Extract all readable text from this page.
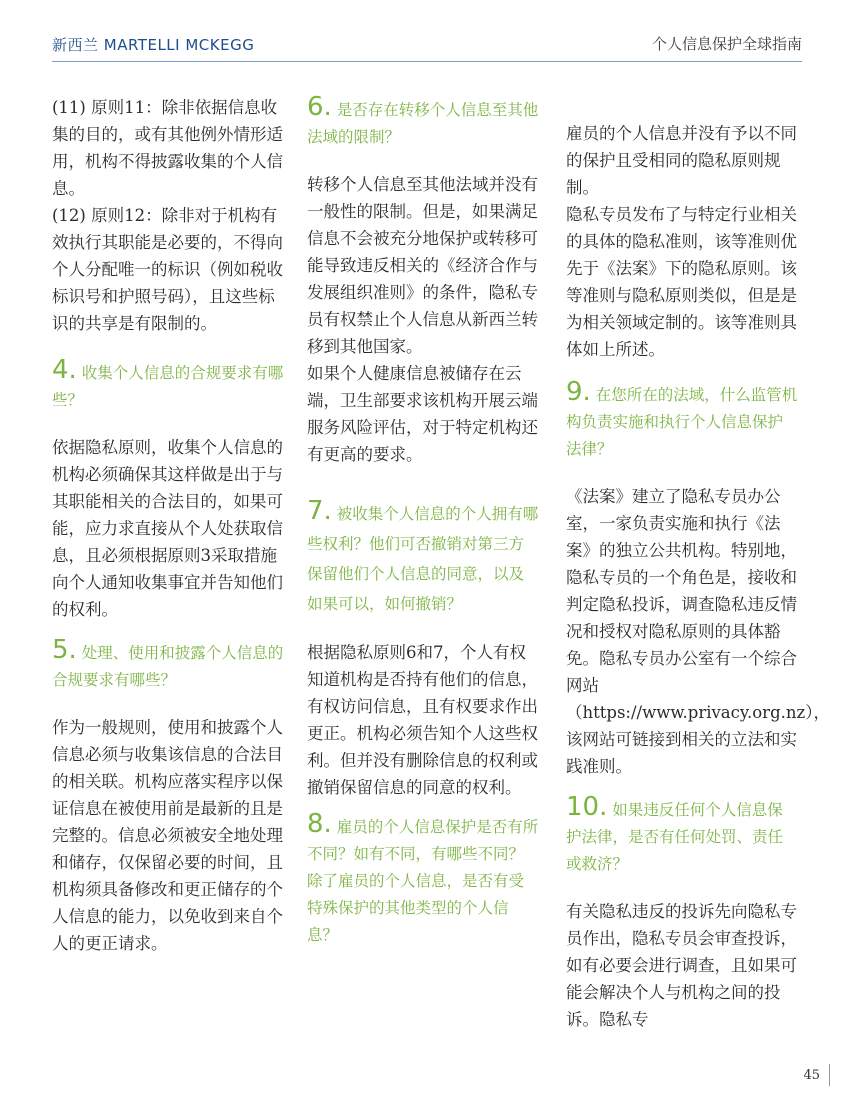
新西兰 MARTELLI MCKEGG	个人信息保护全球指南

(11) 原则11：除非依据信息收集的目的，或有其他例外情形适用，机构不得披露收集的个人信息。

(12) 原则12：除非对于机构有效执行其职能是必要的，不得向个人分配唯一的标识（例如税收标识号和护照号码），且这些标识的共享是有限制的。

4. 收集个人信息的合规要求有哪些？

依据隐私原则，收集个人信息的机构必须确保其这样做是出于与其职能相关的合法目的，如果可能，应力求直接从个人处获取信息，且必须根据原则3采取措施向个人通知收集事宜并告知他们的权利。

5. 处理、使用和披露个人信息的合规要求有哪些？

作为一般规则，使用和披露个人信息必须与收集该信息的合法目的相关联。机构应落实程序以保证信息在被使用前是最新的且是完整的。信息必须被安全地处理和储存，仅保留必要的时间，且机构须具备修改和更正储存的个人信息的能力，以免收到来自个人的更正请求。

6. 是否存在转移个人信息至其他法域的限制？

转移个人信息至其他法域并没有一般性的限制。但是，如果满足信息不会被充分地保护或转移可能导致违反相关的《经济合作与发展组织准则》的条件，隐私专员有权禁止个人信息从新西兰转移到其他国家。

如果个人健康信息被储存在云端，卫生部要求该机构开展云端服务风险评估，对于特定机构还有更高的要求。

7. 被收集个人信息的个人拥有哪些权利？他们可否撤销对第三方保留他们个人信息的同意，以及如果可以，如何撤销？

根据隐私原则6和7，个人有权知道机构是否持有他们的信息，有权访问信息，且有权要求作出更正。机构必须告知个人这些权利。但并没有删除信息的权利或撤销保留信息的同意的权利。

8. 雇员的个人信息保护是否有所不同？如有不同，有哪些不同？除了雇员的个人信息，是否有受特殊保护的其他类型的个人信息？

雇员的个人信息并没有予以不同的保护且受相同的隐私原则规制。

隐私专员发布了与特定行业相关的具体的隐私准则，该等准则优先于《法案》下的隐私原则。该等准则与隐私原则类似，但是是为相关领域定制的。该等准则具体如上所述。

9. 在您所在的法域，什么监管机构负责实施和执行个人信息保护法律？

《法案》建立了隐私专员办公室，一家负责实施和执行《法案》的独立公共机构。特别地，隐私专员的一个角色是，接收和判定隐私投诉，调查隐私违反情况和授权对隐私原则的具体豁免。隐私专员办公室有一个综合网站（https://www.privacy.org.nz），该网站可链接到相关的立法和实践准则。

10. 如果违反任何个人信息保护法律，是否有任何处罚、责任或救济？

有关隐私违反的投诉先向隐私专员作出，隐私专员会审查投诉，如有必要会进行调查，且如果可能会解决个人与机构之间的投诉。隐私专

45
